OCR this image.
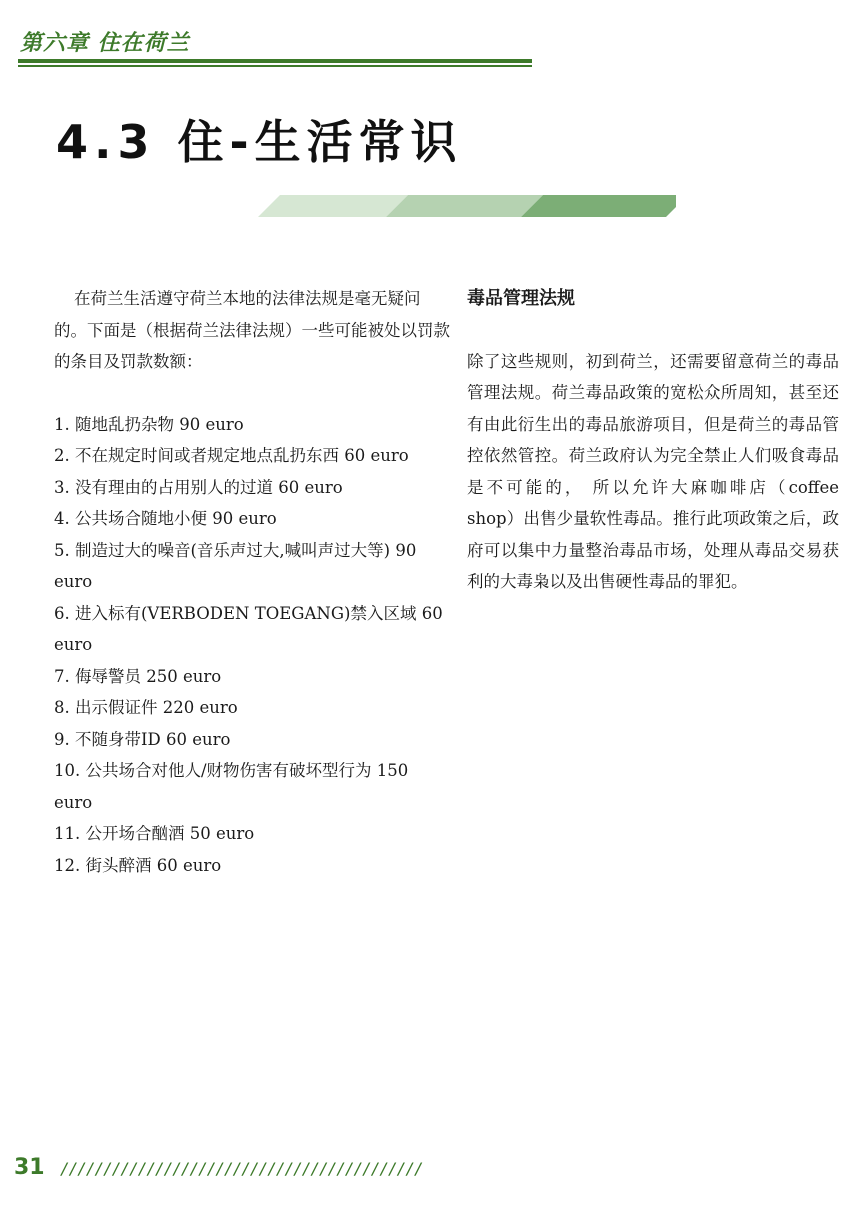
第六章 住在荷兰
4.3 住-生活常识

在荷兰生活遵守荷兰本地的法律法规是毫无疑问的。下面是（根据荷兰法律法规）一些可能被处以罚款的条目及罚款数额：

1. 随地乱扔杂物 90 euro
2. 不在规定时间或者规定地点乱扔东西 60 euro
3. 没有理由的占用别人的过道 60 euro
4. 公共场合随地小便 90 euro
5. 制造过大的噪音(音乐声过大,喊叫声过大等) 90 euro
6. 进入标有(VERBODEN TOEGANG)禁入区域 60 euro
7. 侮辱警员 250 euro
8. 出示假证件 220 euro
9. 不随身带ID 60 euro
10. 公共场合对他人/财物伤害有破坏型行为 150 euro
11. 公开场合酗酒 50 euro
12. 街头醉酒 60 euro
毒品管理法规

除了这些规则，初到荷兰，还需要留意荷兰的毒品管理法规。荷兰毒品政策的宽松众所周知，甚至还有由此衍生出的毒品旅游项目，但是荷兰的毒品管控依然管控。荷兰政府认为完全禁止人们吸食毒品是不可能的， 所以允许大麻咖啡店（coffee shop）出售少量软性毒品。推行此项政策之后，政府可以集中力量整治毒品市场，处理从毒品交易获利的大毒枭以及出售硬性毒品的罪犯。

31 //////////////////////////////////////////
